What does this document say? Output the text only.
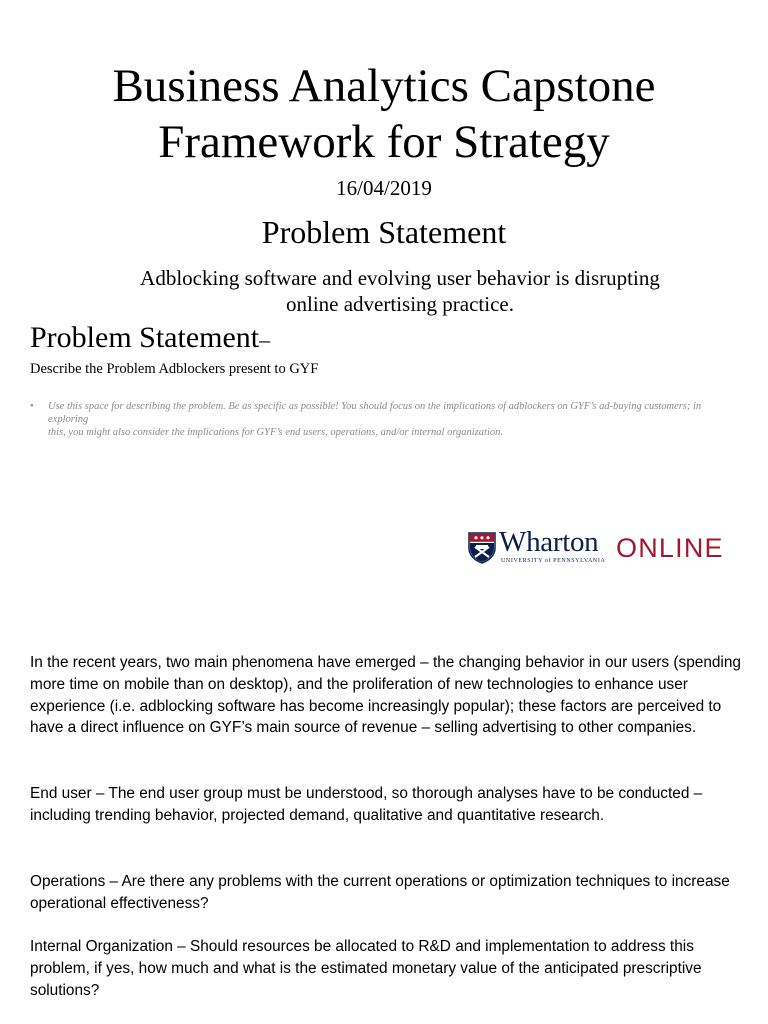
Business Analytics Capstone
Framework for Strategy
16/04/2019
Problem Statement
Adblocking software and evolving user behavior is disrupting
online advertising practice.
Problem Statement–
Describe the Problem Adblockers present to GYF
• Use this space for describing the problem. Be as specific as possible! You should focus on the implications of adblockers on GYF’s ad-buying customers; in exploring
this, you might also consider the implications for GYF’s end users, operations, and/or internal organization.
Wharton
UNIVERSITY of PENNSYLVANIA ONLINE

In the recent years, two main phenomena have emerged – the changing behavior in our users (spending more time on mobile than on desktop), and the proliferation of new technologies to enhance user experience (i.e. adblocking software has become increasingly popular); these factors are perceived to have a direct influence on GYF’s main source of revenue – selling advertising to other companies.

End user – The end user group must be understood, so thorough analyses have to be conducted – including trending behavior, projected demand, qualitative and quantitative research.

Operations – Are there any problems with the current operations or optimization techniques to increase operational effectiveness?

Internal Organization – Should resources be allocated to R&D and implementation to address this problem, if yes, how much and what is the estimated monetary value of the anticipated prescriptive solutions?
